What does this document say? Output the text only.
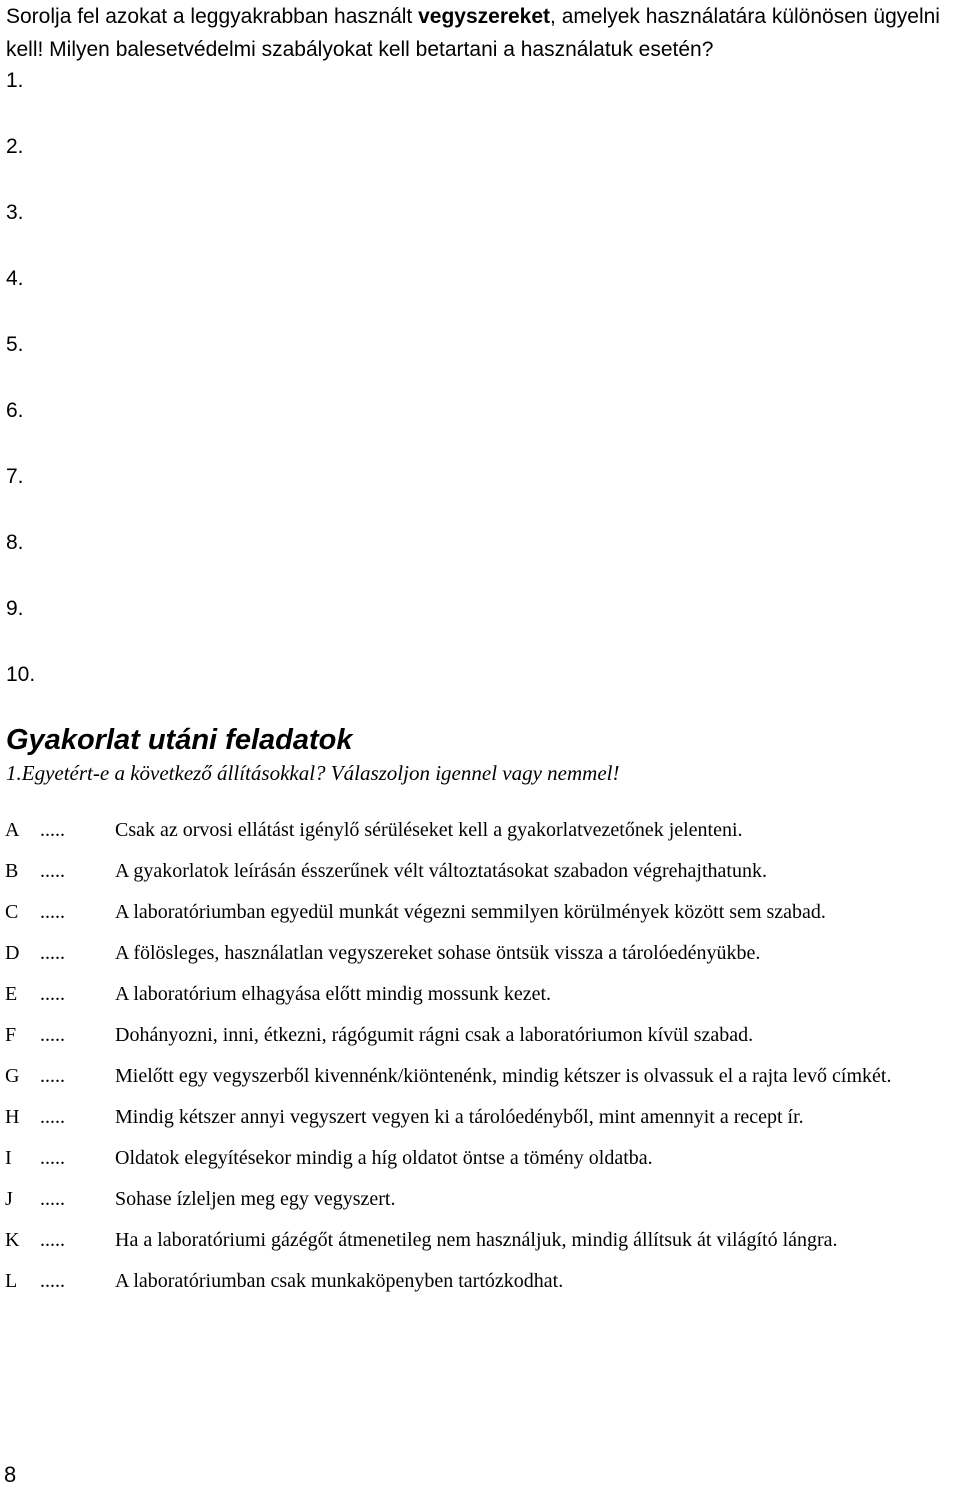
Sorolja fel azokat a leggyakrabban használt vegyszereket, amelyek használatára különösen ügyelni kell! Milyen balesetvédelmi szabályokat kell betartani a használatuk esetén?
1.
2.
3.
4.
5.
6.
7.
8.
9.
10.
Gyakorlat utáni feladatok
1.Egyetért-e a következő állításokkal? Válaszoljon igennel vagy nemmel!
A .....	Csak az orvosi ellátást igénylő sérüléseket kell a gyakorlatvezetőnek jelenteni.
B .....	A gyakorlatok leírásán ésszerűnek vélt változtatásokat szabadon végrehajthatunk.
C .....	A laboratóriumban egyedül munkát végezni semmilyen körülmények között sem szabad.
D .....	A fölösleges, használatlan vegyszereket sohase öntsük vissza a tárolóedényükbe.
E .....	A laboratórium elhagyása előtt mindig mossunk kezet.
F .....	Dohányozni, inni, étkezni, rágógumit rágni csak a laboratóriumon kívül szabad.
G .....	Mielőtt egy vegyszerből kivennénk/kiöntenénk, mindig kétszer is olvassuk el a rajta levő címkét.
H .....	Mindig kétszer annyi vegyszert vegyen ki a tárolóedényből, mint amennyit a recept ír.
I .....	Oldatok elegyítésekor mindig a híg oldatot öntse a tömény oldatba.
J .....	Sohase ízleljen meg egy vegyszert.
K .....	Ha a laboratóriumi gázégőt átmenetileg nem használjuk, mindig állítsuk át világító lángra.
L .....	A laboratóriumban csak munkaköpenyben tartózkodhat.
8
